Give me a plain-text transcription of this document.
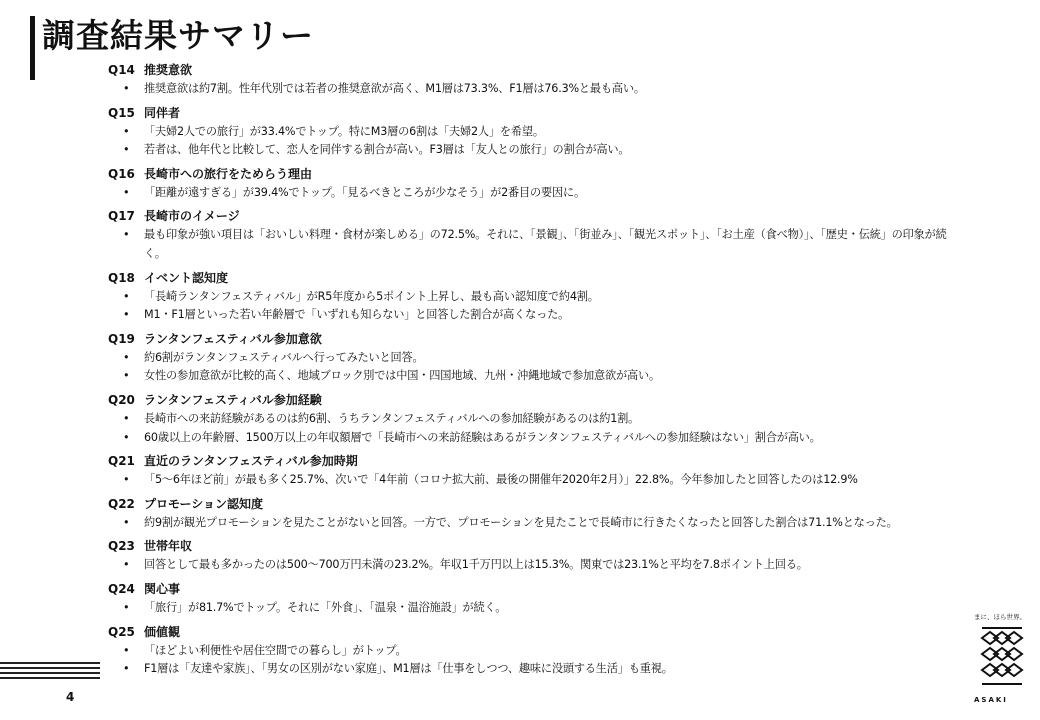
調査結果サマリー
Q14 推奨意欲
• 推奨意欲は約7割。性年代別では若者の推奨意欲が高く、M1層は73.3%、F1層は76.3%と最も高い。
Q15 同伴者
• 「夫婦2人での旅行」が33.4%でトップ。特にM3層の6割は「夫婦2人」を希望。
• 若者は、他年代と比較して、恋人を同伴する割合が高い。F3層は「友人との旅行」の割合が高い。
Q16 長崎市への旅行をためらう理由
• 「距離が遠すぎる」が39.4%でトップ。「見るべきところが少なそう」が2番目の要因に。
Q17 長崎市のイメージ
• 最も印象が強い項目は「おいしい料理・食材が楽しめる」の72.5%。それに、「景観」、「街並み」、「観光スポット」、「お土産（食べ物）」、「歴史・伝統」の印象が続く。
Q18 イベント認知度
• 「長崎ランタンフェスティバル」がR5年度から5ポイント上昇し、最も高い認知度で約4割。
• M1・F1層といった若い年齢層で「いずれも知らない」と回答した割合が高くなった。
Q19 ランタンフェスティバル参加意欲
• 約6割がランタンフェスティバルへ行ってみたいと回答。
• 女性の参加意欲が比較的高く、地域ブロック別では中国・四国地域、九州・沖縄地域で参加意欲が高い。
Q20 ランタンフェスティバル参加経験
• 長崎市への来訪経験があるのは約6割、うちランタンフェスティバルへの参加経験があるのは約1割。
• 60歳以上の年齢層、1500万以上の年収額層で「長崎市への来訪経験はあるがランタンフェスティバルへの参加経験はない」割合が高い。
Q21 直近のランタンフェスティバル参加時期
• 「5～6年ほど前」が最も多く25.7%、次いで「4年前（コロナ拡大前、最後の開催年2020年2月）」22.8%。今年参加したと回答したのは12.9%
Q22 プロモーション認知度
• 約9割が観光プロモーションを見たことがないと回答。一方で、プロモーションを見たことで長崎市に行きたくなったと回答した割合は71.1%となった。
Q23 世帯年収
• 回答として最も多かったのは500～700万円未満の23.2%。年収1千万円以上は15.3%。関東では23.1%と平均を7.8ポイント上回る。
Q24 関心事
• 「旅行」が81.7%でトップ。それに「外食」、「温泉・温浴施設」が続く。
Q25 価値観
• 「ほどよい利便性や居住空間での暮らし」がトップ。
• F1層は「友達や家族」、「男女の区別がない家庭」、M1層は「仕事をしつつ、趣味に没頭する生活」も重視。
4
まに、ほら世界。
ASAKI
